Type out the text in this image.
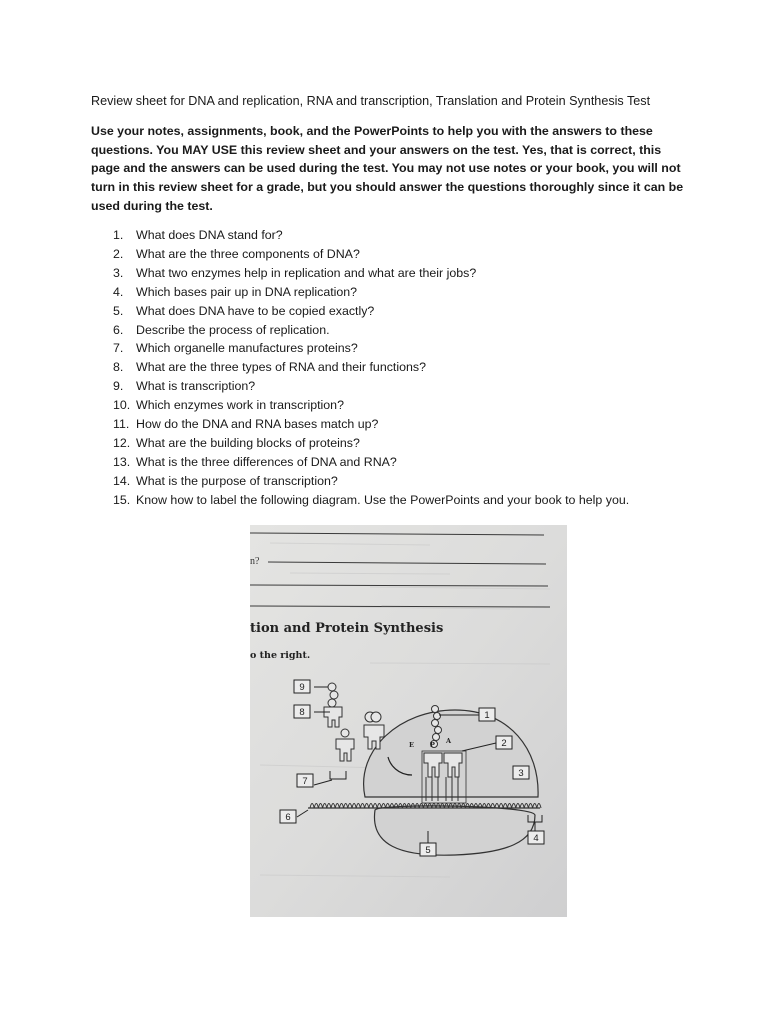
Review sheet for DNA and replication, RNA and transcription, Translation and Protein Synthesis Test
Use your notes, assignments, book, and the PowerPoints to help you with the answers to these questions. You MAY USE this review sheet and your answers on the test. Yes, that is correct, this page and the answers can be used during the test. You may not use notes or your book, you will not turn in this review sheet for a grade, but you should answer the questions thoroughly since it can be used during the test.
1. What does DNA stand for?
2. What are the three components of DNA?
3. What two enzymes help in replication and what are their jobs?
4. Which bases pair up in DNA replication?
5. What does DNA have to be copied exactly?
6. Describe the process of replication.
7. Which organelle manufactures proteins?
8. What are the three types of RNA and their functions?
9. What is transcription?
10. Which enzymes work in transcription?
11. How do the DNA and RNA bases match up?
12. What are the building blocks of proteins?
13. What is the three differences of DNA and RNA?
14. What is the purpose of transcription?
15. Know how to label the following diagram. Use the PowerPoints and your book to help you.
n?
tion and Protein Synthesis
o the right.
E P A
1
2
3
4
5
6
7
8
9
